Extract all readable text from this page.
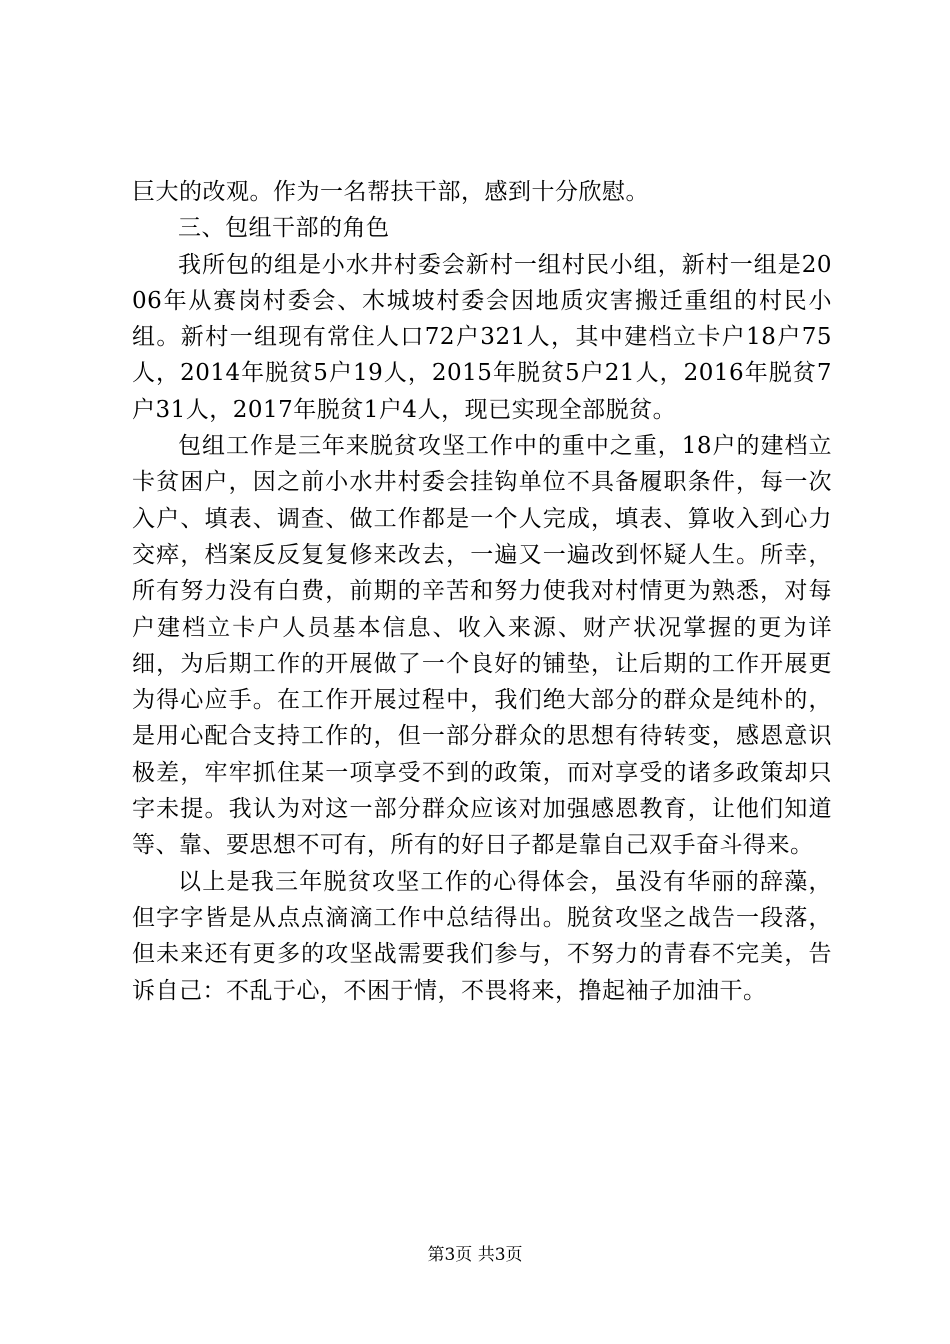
巨大的改观。作为一名帮扶干部，感到十分欣慰。

三、包组干部的角色

我所包的组是小水井村委会新村一组村民小组，新村一组是2006年从赛岗村委会、木城坡村委会因地质灾害搬迁重组的村民小组。新村一组现有常住人口72户321人，其中建档立卡户18户75人，2014年脱贫5户19人，2015年脱贫5户21人，2016年脱贫7户31人，2017年脱贫1户4人，现已实现全部脱贫。

包组工作是三年来脱贫攻坚工作中的重中之重，18户的建档立卡贫困户，因之前小水井村委会挂钩单位不具备履职条件，每一次入户、填表、调查、做工作都是一个人完成，填表、算收入到心力交瘁，档案反反复复修来改去，一遍又一遍改到怀疑人生。所幸，所有努力没有白费，前期的辛苦和努力使我对村情更为熟悉，对每户建档立卡户人员基本信息、收入来源、财产状况掌握的更为详细，为后期工作的开展做了一个良好的铺垫，让后期的工作开展更为得心应手。在工作开展过程中，我们绝大部分的群众是纯朴的，是用心配合支持工作的，但一部分群众的思想有待转变，感恩意识极差，牢牢抓住某一项享受不到的政策，而对享受的诸多政策却只字未提。我认为对这一部分群众应该对加强感恩教育，让他们知道等、靠、要思想不可有，所有的好日子都是靠自己双手奋斗得来。

以上是我三年脱贫攻坚工作的心得体会，虽没有华丽的辞藻，但字字皆是从点点滴滴工作中总结得出。脱贫攻坚之战告一段落，但未来还有更多的攻坚战需要我们参与，不努力的青春不完美，告诉自己：不乱于心，不困于情，不畏将来，撸起袖子加油干。

第3页 共3页
